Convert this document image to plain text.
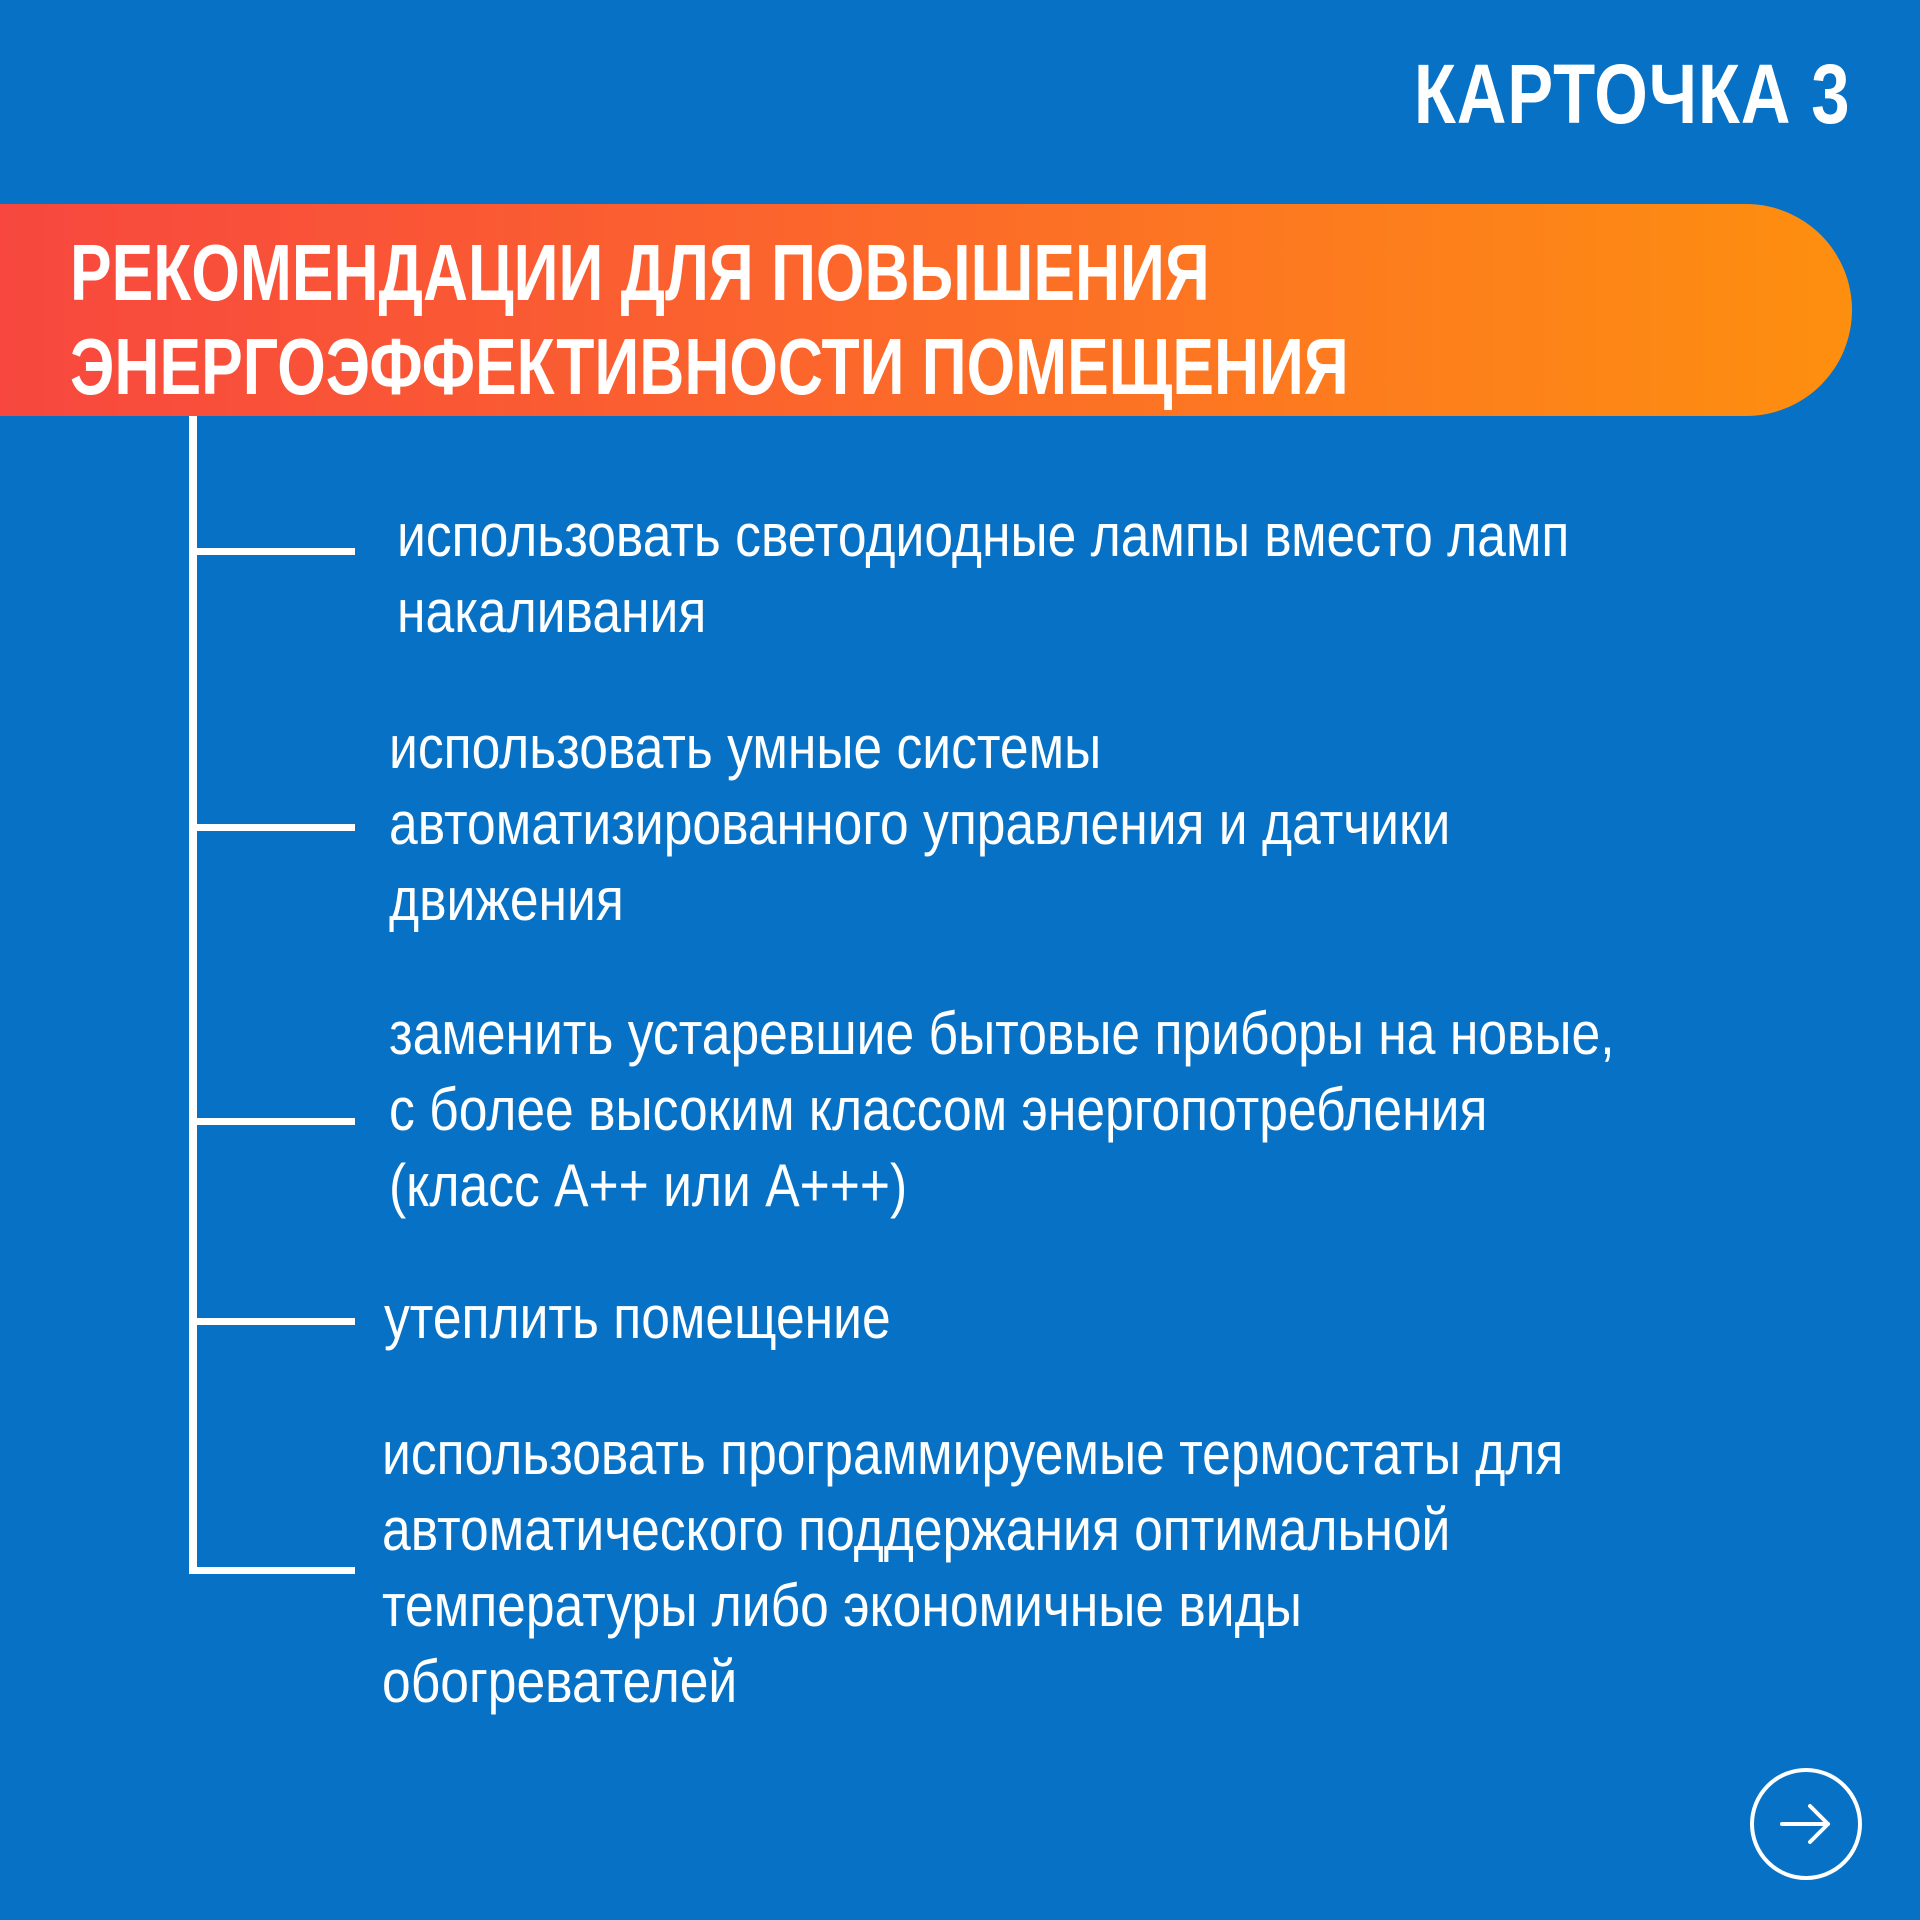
КАРТОЧКА 3
РЕКОМЕНДАЦИИ ДЛЯ ПОВЫШЕНИЯ
ЭНЕРГОЭФФЕКТИВНОСТИ ПОМЕЩЕНИЯ

использовать светодиодные лампы вместо ламп
накаливания

использовать умные системы
автоматизированного управления и датчики
движения

заменить устаревшие бытовые приборы на новые,
с более высоким классом энергопотребления
(класс А++ или А+++)

утеплить помещение

использовать программируемые термостаты для
автоматического поддержания оптимальной
температуры либо экономичные виды
обогревателей
